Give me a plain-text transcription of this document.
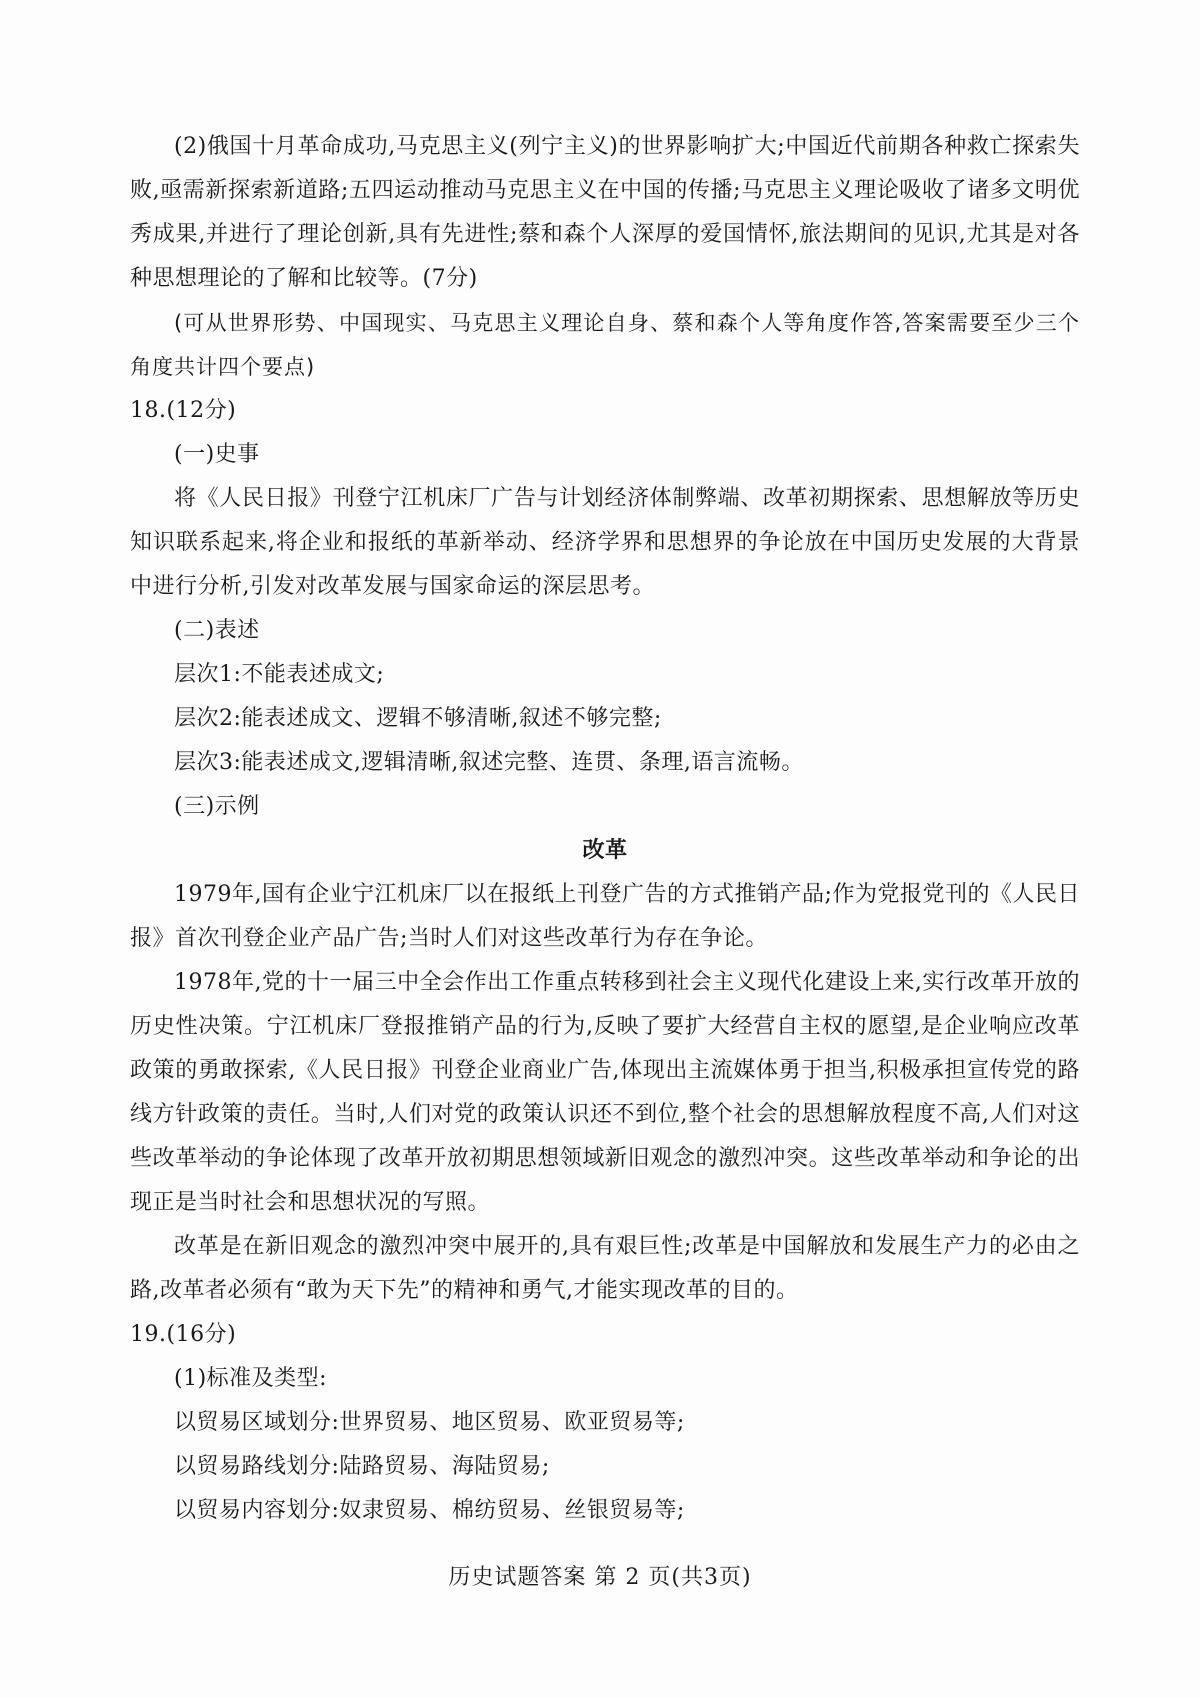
(2)俄国十月革命成功,马克思主义(列宁主义)的世界影响扩大;中国近代前期各种救亡探索失败,亟需新探索新道路;五四运动推动马克思主义在中国的传播;马克思主义理论吸收了诸多文明优秀成果,并进行了理论创新,具有先进性;蔡和森个人深厚的爱国情怀,旅法期间的见识,尤其是对各种思想理论的了解和比较等。(7分)

(可从世界形势、中国现实、马克思主义理论自身、蔡和森个人等角度作答,答案需要至少三个角度共计四个要点)

18.(12分)

(一)史事

将《人民日报》刊登宁江机床厂广告与计划经济体制弊端、改革初期探索、思想解放等历史知识联系起来,将企业和报纸的革新举动、经济学界和思想界的争论放在中国历史发展的大背景中进行分析,引发对改革发展与国家命运的深层思考。

(二)表述

层次1:不能表述成文;

层次2:能表述成文、逻辑不够清晰,叙述不够完整;

层次3:能表述成文,逻辑清晰,叙述完整、连贯、条理,语言流畅。

(三)示例

改革

1979年,国有企业宁江机床厂以在报纸上刊登广告的方式推销产品;作为党报党刊的《人民日报》首次刊登企业产品广告;当时人们对这些改革行为存在争论。

1978年,党的十一届三中全会作出工作重点转移到社会主义现代化建设上来,实行改革开放的历史性决策。宁江机床厂登报推销产品的行为,反映了要扩大经营自主权的愿望,是企业响应改革政策的勇敢探索,《人民日报》刊登企业商业广告,体现出主流媒体勇于担当,积极承担宣传党的路线方针政策的责任。当时,人们对党的政策认识还不到位,整个社会的思想解放程度不高,人们对这些改革举动的争论体现了改革开放初期思想领域新旧观念的激烈冲突。这些改革举动和争论的出现正是当时社会和思想状况的写照。

改革是在新旧观念的激烈冲突中展开的,具有艰巨性;改革是中国解放和发展生产力的必由之路,改革者必须有“敢为天下先”的精神和勇气,才能实现改革的目的。

19.(16分)

(1)标准及类型:

以贸易区域划分:世界贸易、地区贸易、欧亚贸易等;

以贸易路线划分:陆路贸易、海陆贸易;

以贸易内容划分:奴隶贸易、棉纺贸易、丝银贸易等;

历史试题答案 第 2 页(共3页)
